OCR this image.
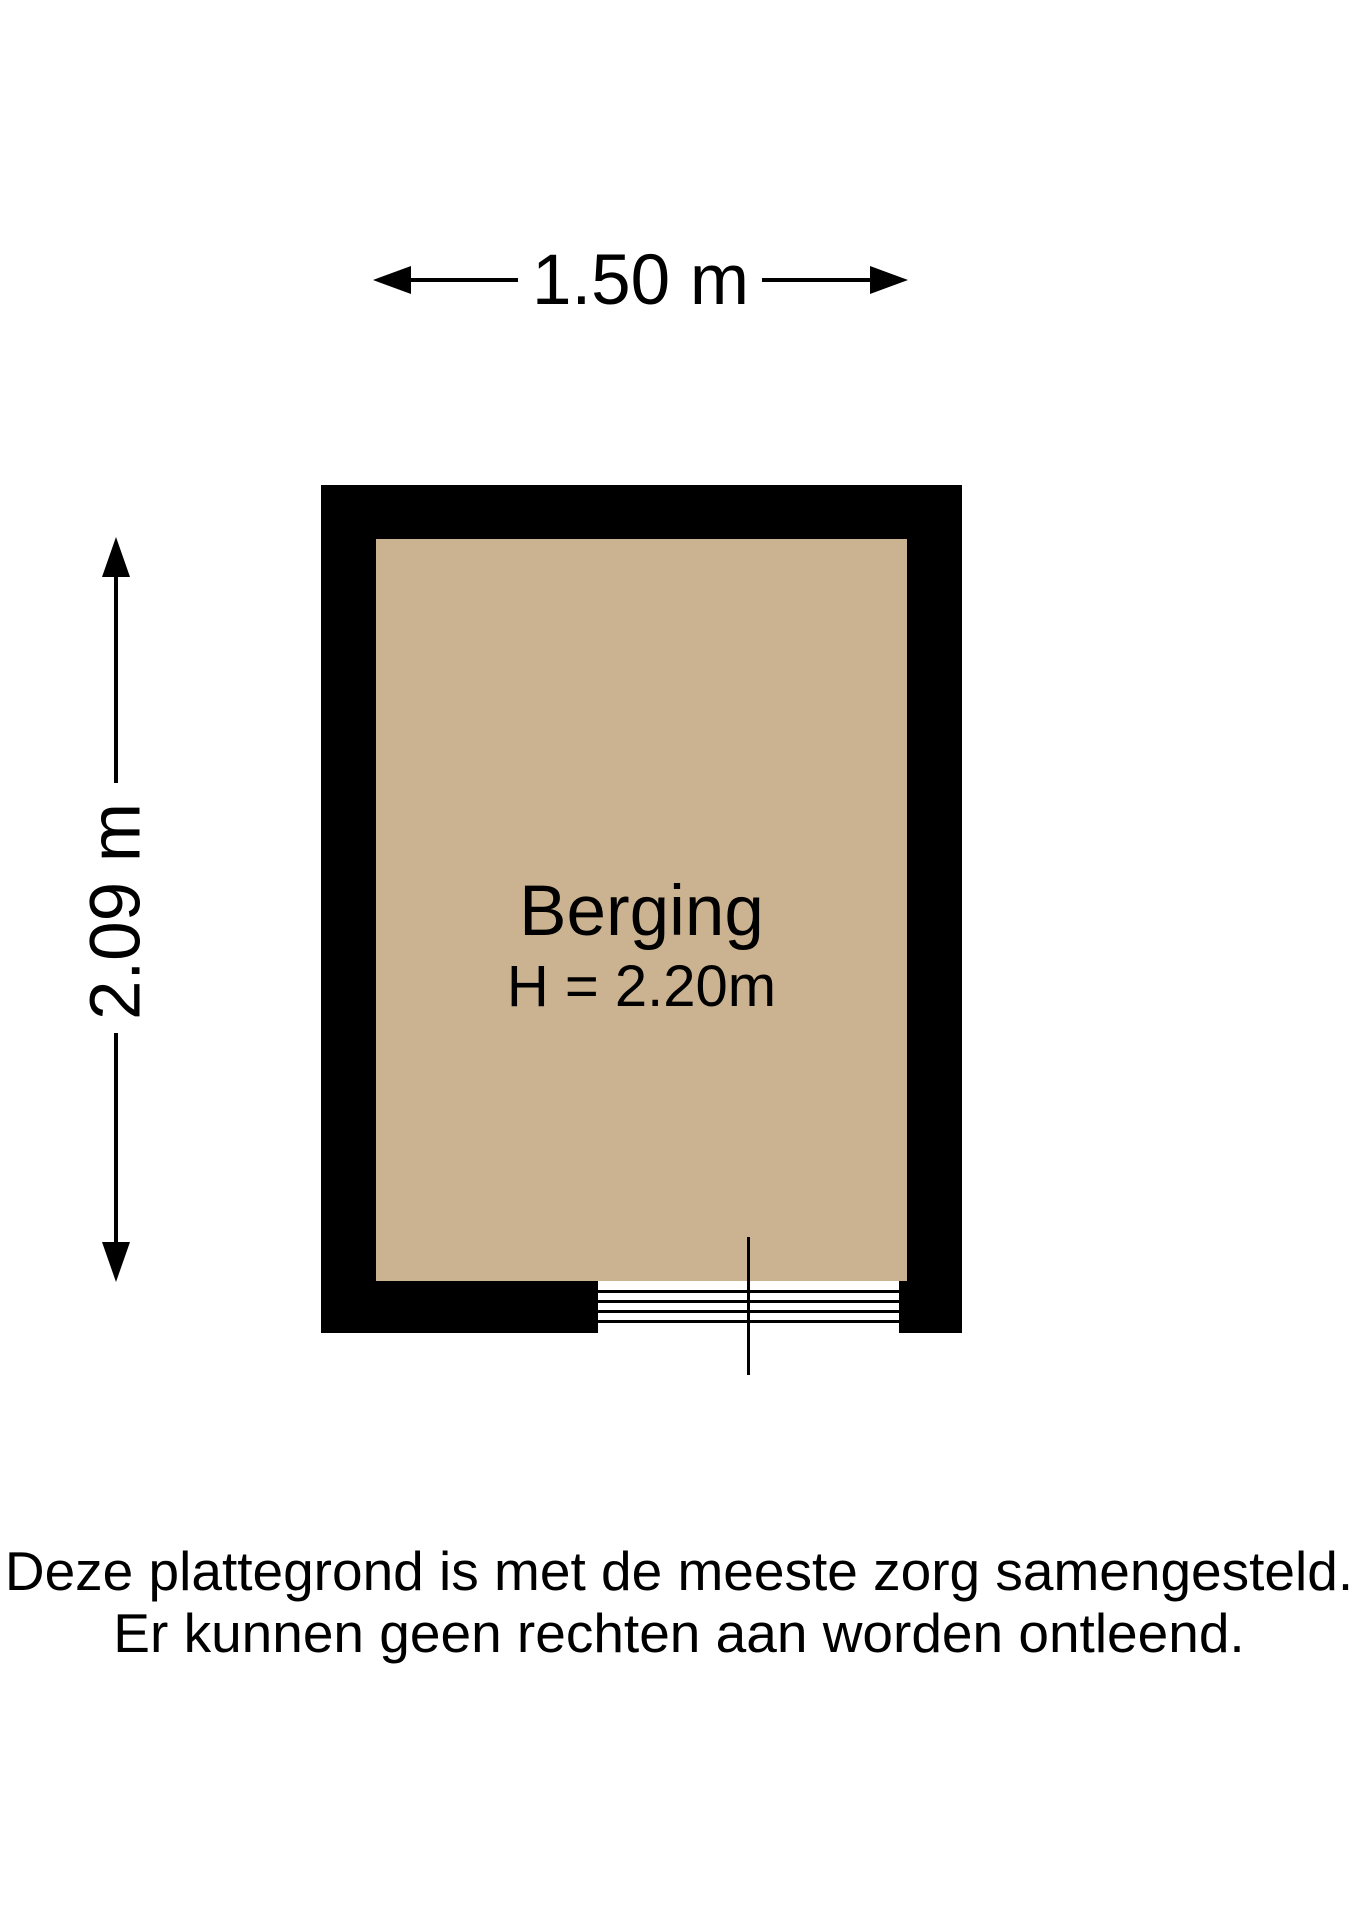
1.50 m
2.09 m	Berging
H = 2.20m
Deze plattegrond is met de meeste zorg samengesteld.
Er kunnen geen rechten aan worden ontleend.
